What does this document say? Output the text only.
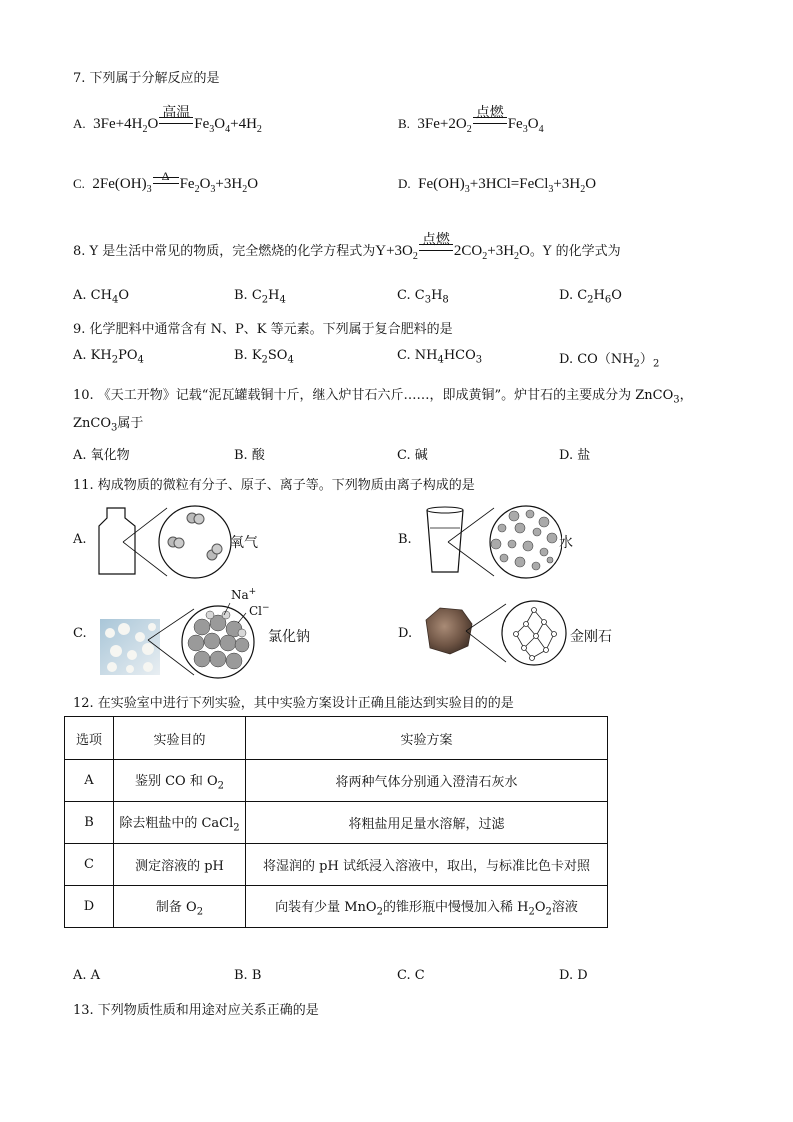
7. 下列属于分解反应的是
A. $3Fe+4H_2O$
高温
$Fe_3O_4+4H_2$	B. $3Fe+2O_2$
点燃
$Fe_3O_4$
C. $2Fe(OH)_3$
Δ $Fe_2O_3+3H_2O$	D. $Fe(OH)_3+3HCl=FeCl_3+3H_2O$
8. Y 是生活中常见的物质，完全燃烧的化学方程式为$Y+3O_2$
点燃
$2CO_2+3H_2O$。Y 的化学式为
A. $CH_4O$	B. $C_2H_4$	C. $C_3H_8$	D. $C_2H_6O$
9. 化学肥料中通常含有 N、P、K 等元素。下列属于复合肥料的是
A. $KH_2PO_4$	B. $K_2SO_4$	C. $NH_4HCO_3$	D. $CO(NH_2)_2$
10. 《天工开物》记载“泥瓦罐载铜十斤，继入炉甘石六斤……，即成黄铜”。炉甘石的主要成分为 ZnCO$_3$，
ZnCO$_3$属于
A. 氧化物	B. 酸	C. 碱	D. 盐
11. 构成物质的微粒有分子、原子、离子等。下列物质由离子构成的是
A.	氧气	B.	水
C.
Na+
Cl−
氯化钠	D.	金刚石
12. 在实验室中进行下列实验，其中实验方案设计正确且能达到实验目的的是
选项	实验目的	实验方案
A	鉴别 CO 和 $O_2$	将两种气体分别通入澄清石灰水
B	除去粗盐中的 CaCl$_2$	将粗盐用足量水溶解，过滤
C	测定溶液的 pH	将湿润的 pH 试纸浸入溶液中，取出，与标准比色卡对照
D	制备 $O_2$	向装有少量 MnO$_2$的锥形瓶中慢慢加入稀 $H_2O_2$溶液
A. A	B. B	C. C	D. D
13. 下列物质性质和用途对应关系正确的是
